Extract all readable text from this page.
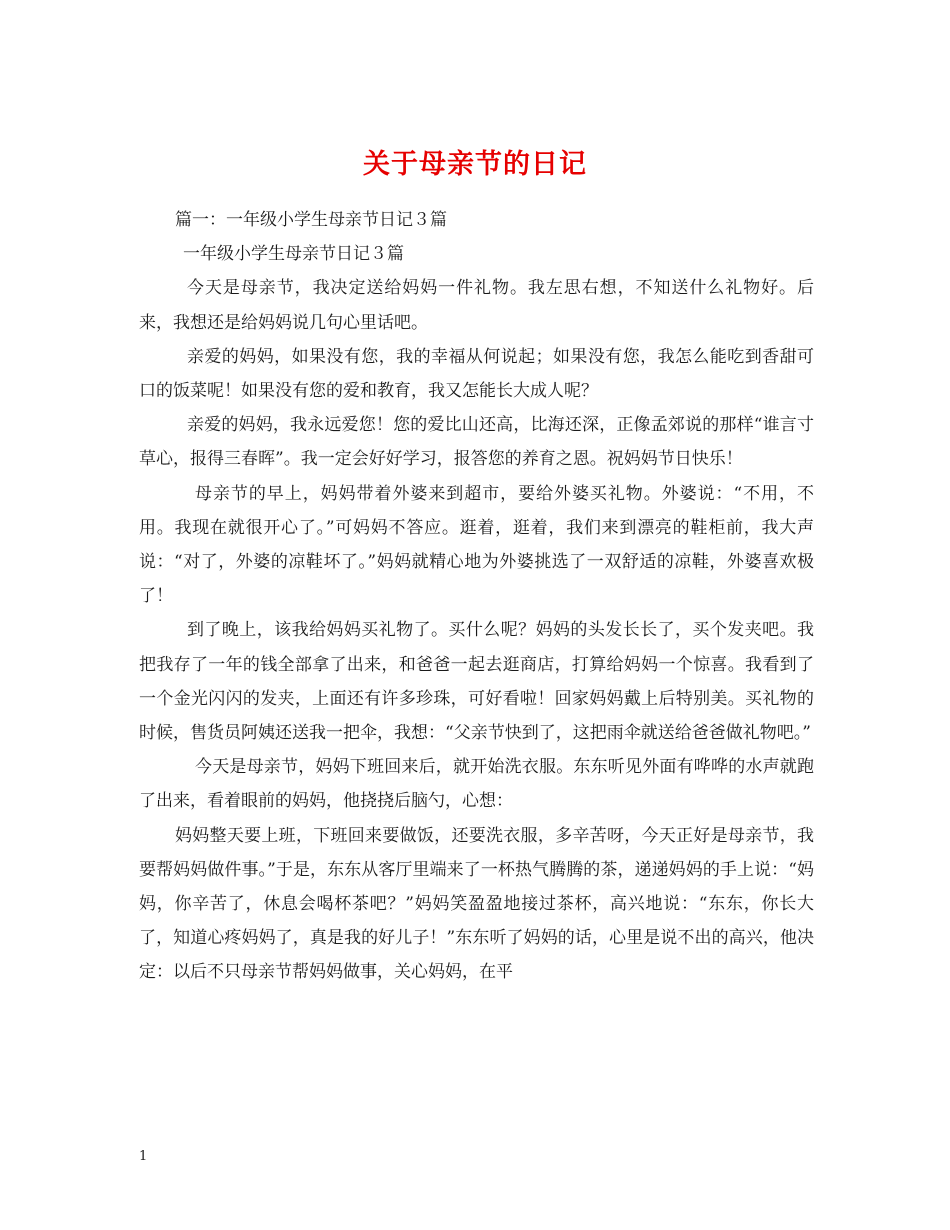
关于母亲节的日记

篇一：一年级小学生母亲节日记３篇

一年级小学生母亲节日记３篇

今天是母亲节，我决定送给妈妈一件礼物。我左思右想，不知送什么礼物好。后来，我想还是给妈妈说几句心里话吧。

亲爱的妈妈，如果没有您，我的幸福从何说起；如果没有您，我怎么能吃到香甜可口的饭菜呢！如果没有您的爱和教育，我又怎能长大成人呢？

亲爱的妈妈，我永远爱您！您的爱比山还高，比海还深，正像孟郊说的那样“谁言寸草心，报得三春晖”。我一定会好好学习，报答您的养育之恩。祝妈妈节日快乐！

母亲节的早上，妈妈带着外婆来到超市，要给外婆买礼物。外婆说：“不用，不用。我现在就很开心了。”可妈妈不答应。逛着，逛着，我们来到漂亮的鞋柜前，我大声说：“对了，外婆的凉鞋坏了。”妈妈就精心地为外婆挑选了一双舒适的凉鞋，外婆喜欢极了！

到了晚上，该我给妈妈买礼物了。买什么呢？妈妈的头发长长了，买个发夹吧。我把我存了一年的钱全部拿了出来，和爸爸一起去逛商店，打算给妈妈一个惊喜。我看到了一个金光闪闪的发夹，上面还有许多珍珠，可好看啦！回家妈妈戴上后特别美。买礼物的时候，售货员阿姨还送我一把伞，我想：“父亲节快到了，这把雨伞就送给爸爸做礼物吧。”

今天是母亲节，妈妈下班回来后，就开始洗衣服。东东听见外面有哗哗的水声就跑了出来，看着眼前的妈妈，他挠挠后脑勺，心想：

妈妈整天要上班，下班回来要做饭，还要洗衣服，多辛苦呀，今天正好是母亲节，我要帮妈妈做件事。”于是，东东从客厅里端来了一杯热气腾腾的茶，递递妈妈的手上说：“妈妈，你辛苦了，休息会喝杯茶吧？”妈妈笑盈盈地接过茶杯，高兴地说：“东东，你长大了，知道心疼妈妈了，真是我的好儿子！”东东听了妈妈的话，心里是说不出的高兴，他决定：以后不只母亲节帮妈妈做事，关心妈妈，在平

1
